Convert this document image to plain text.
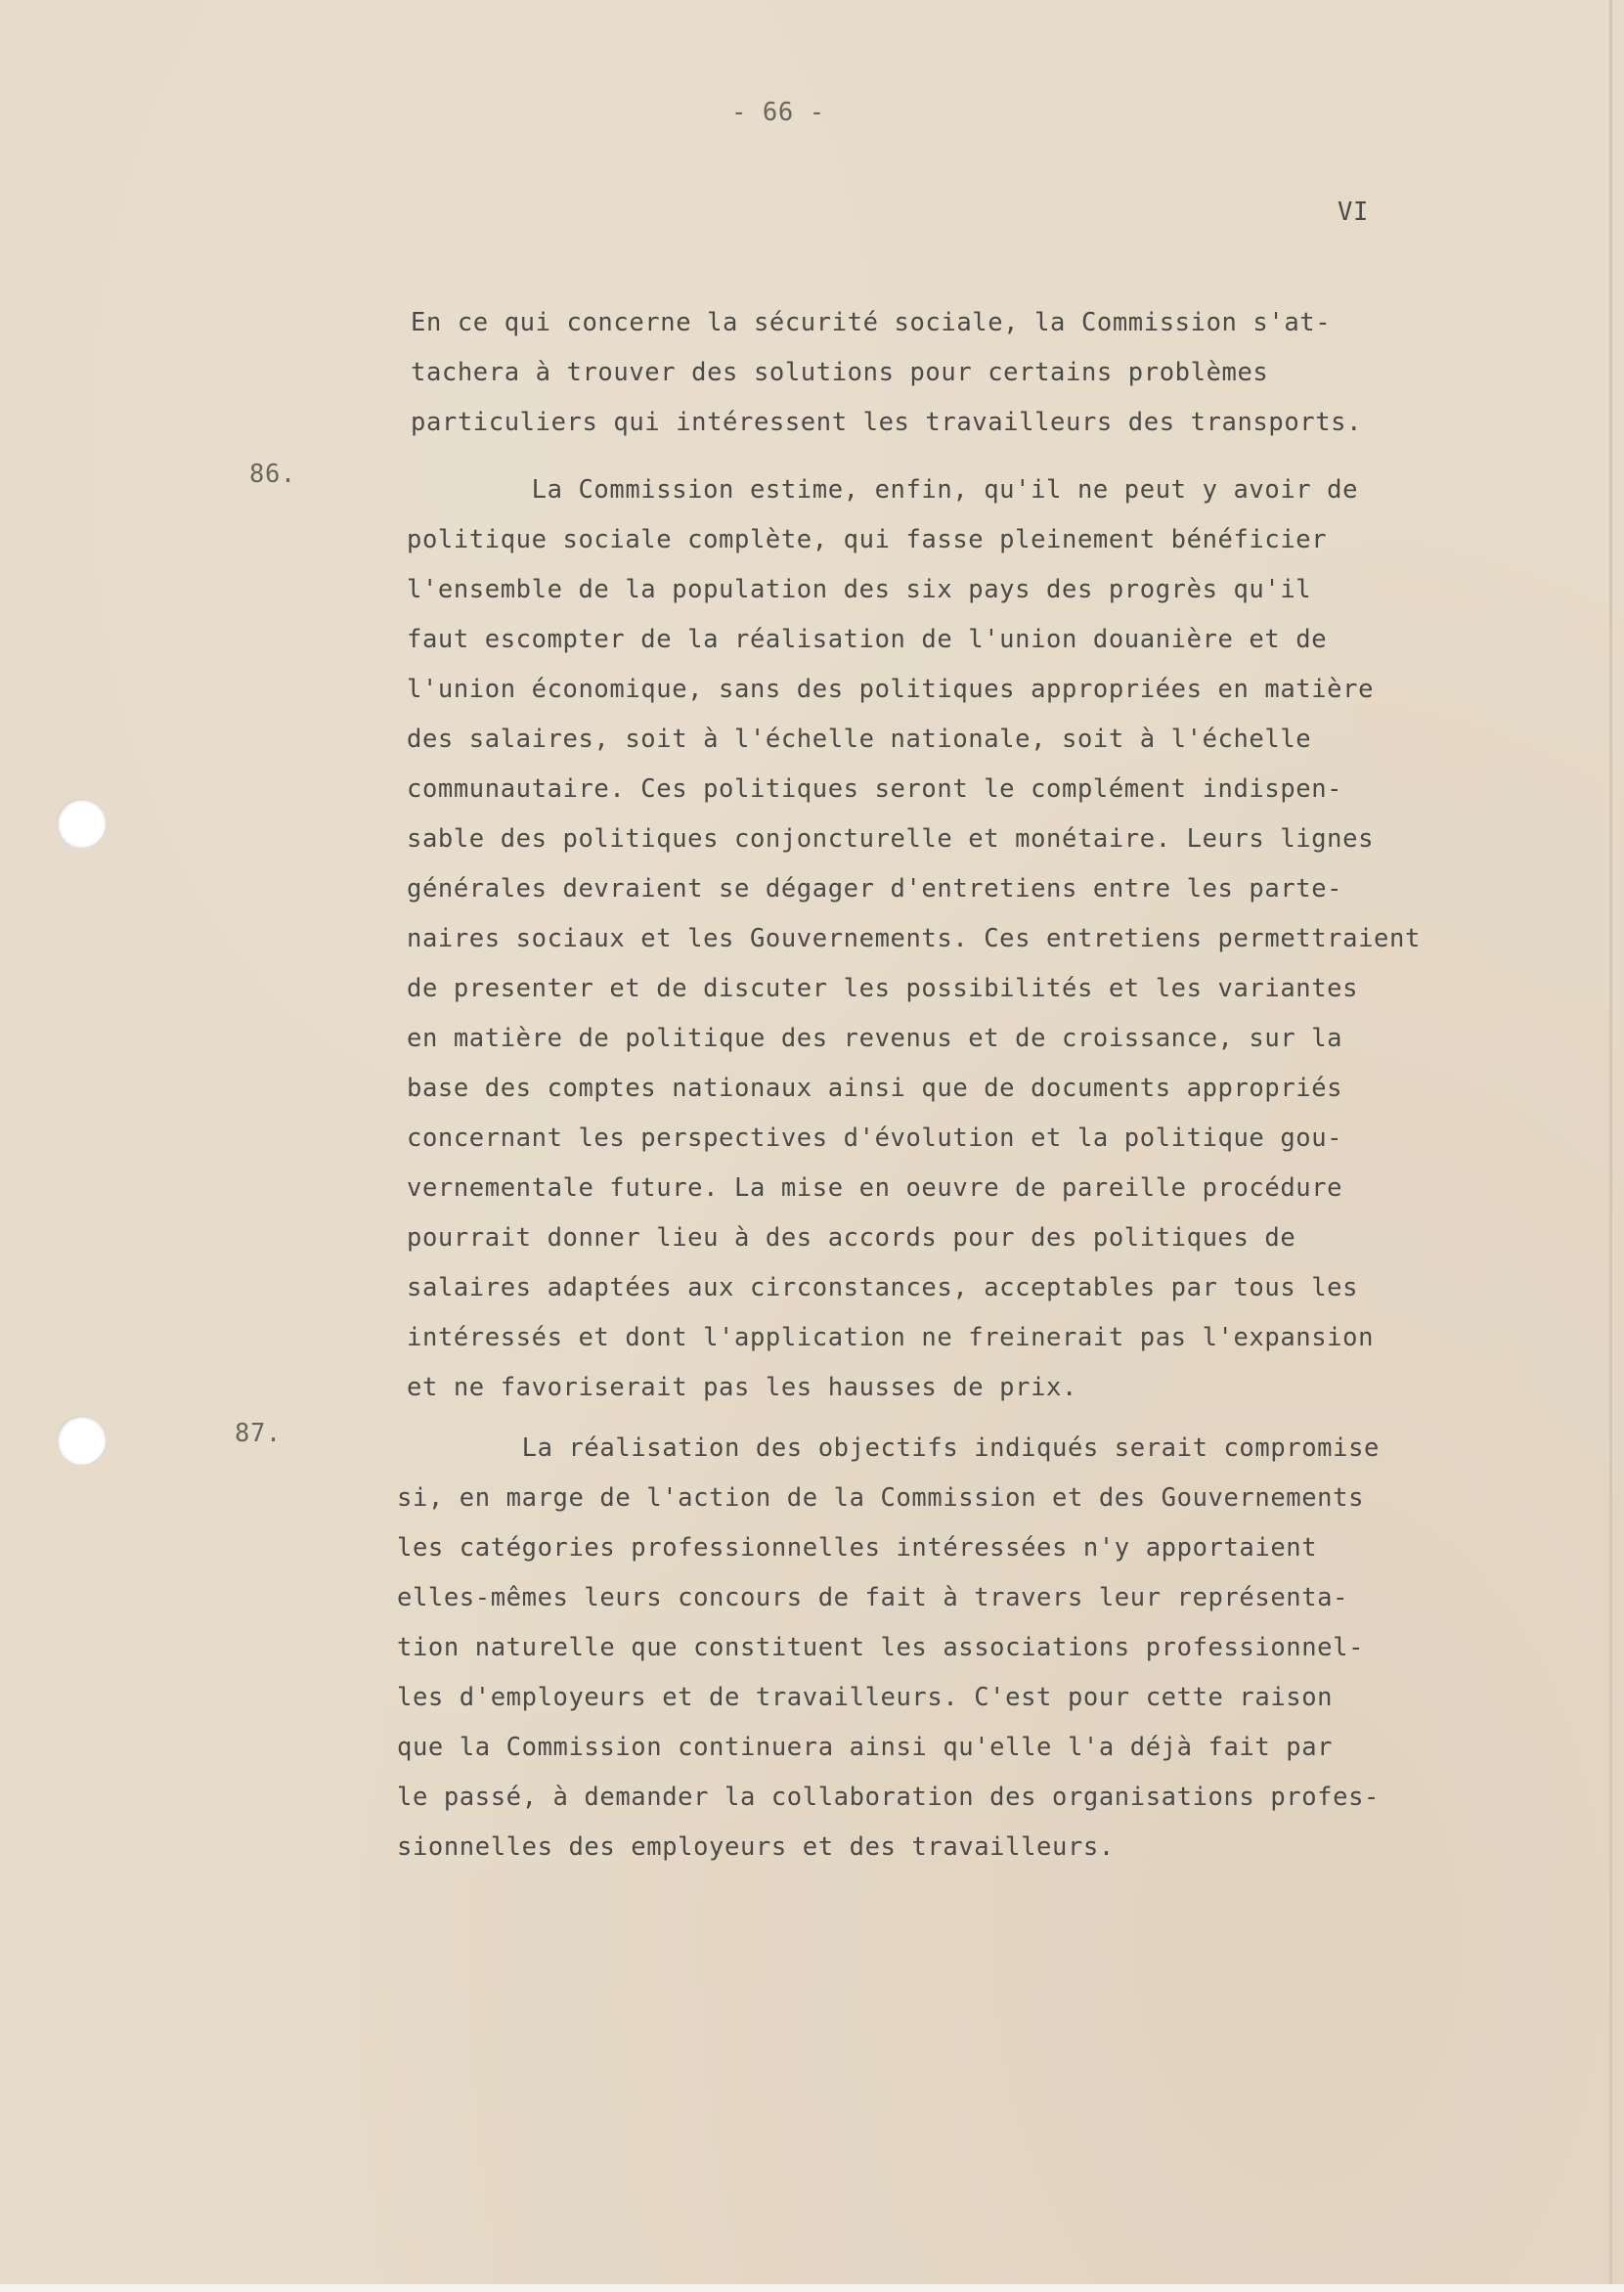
- 66 -

VI

En ce qui concerne la sécurité sociale, la Commission s'at-
tachera à trouver des solutions pour certains problèmes
particuliers qui intéressent les travailleurs des transports.

86.

La Commission estime, enfin, qu'il ne peut y avoir de
politique sociale complète, qui fasse pleinement bénéficier
l'ensemble de la population des six pays des progrès qu'il
faut escompter de la réalisation de l'union douanière et de
l'union économique, sans des politiques appropriées en matière
des salaires, soit à l'échelle nationale, soit à l'échelle
communautaire. Ces politiques seront le complément indispen-
sable des politiques conjoncturelle et monétaire. Leurs lignes
générales devraient se dégager d'entretiens entre les parte-
naires sociaux et les Gouvernements. Ces entretiens permettraient
de presenter et de discuter les possibilités et les variantes
en matière de politique des revenus et de croissance, sur la
base des comptes nationaux ainsi que de documents appropriés
concernant les perspectives d'évolution et la politique gou-
vernementale future. La mise en oeuvre de pareille procédure
pourrait donner lieu à des accords pour des politiques de
salaires adaptées aux circonstances, acceptables par tous les
intéressés et dont l'application ne freinerait pas l'expansion
et ne favoriserait pas les hausses de prix.

87.	La réalisation des objectifs indiqués serait compromise
si, en marge de l'action de la Commission et des Gouvernements
les catégories professionnelles intéressées n'y apportaient
elles-mêmes leurs concours de fait à travers leur représenta-
tion naturelle que constituent les associations professionnel-
les d'employeurs et de travailleurs. C'est pour cette raison
que la Commission continuera ainsi qu'elle l'a déjà fait par
le passé, à demander la collaboration des organisations profes-
sionnelles des employeurs et des travailleurs.
